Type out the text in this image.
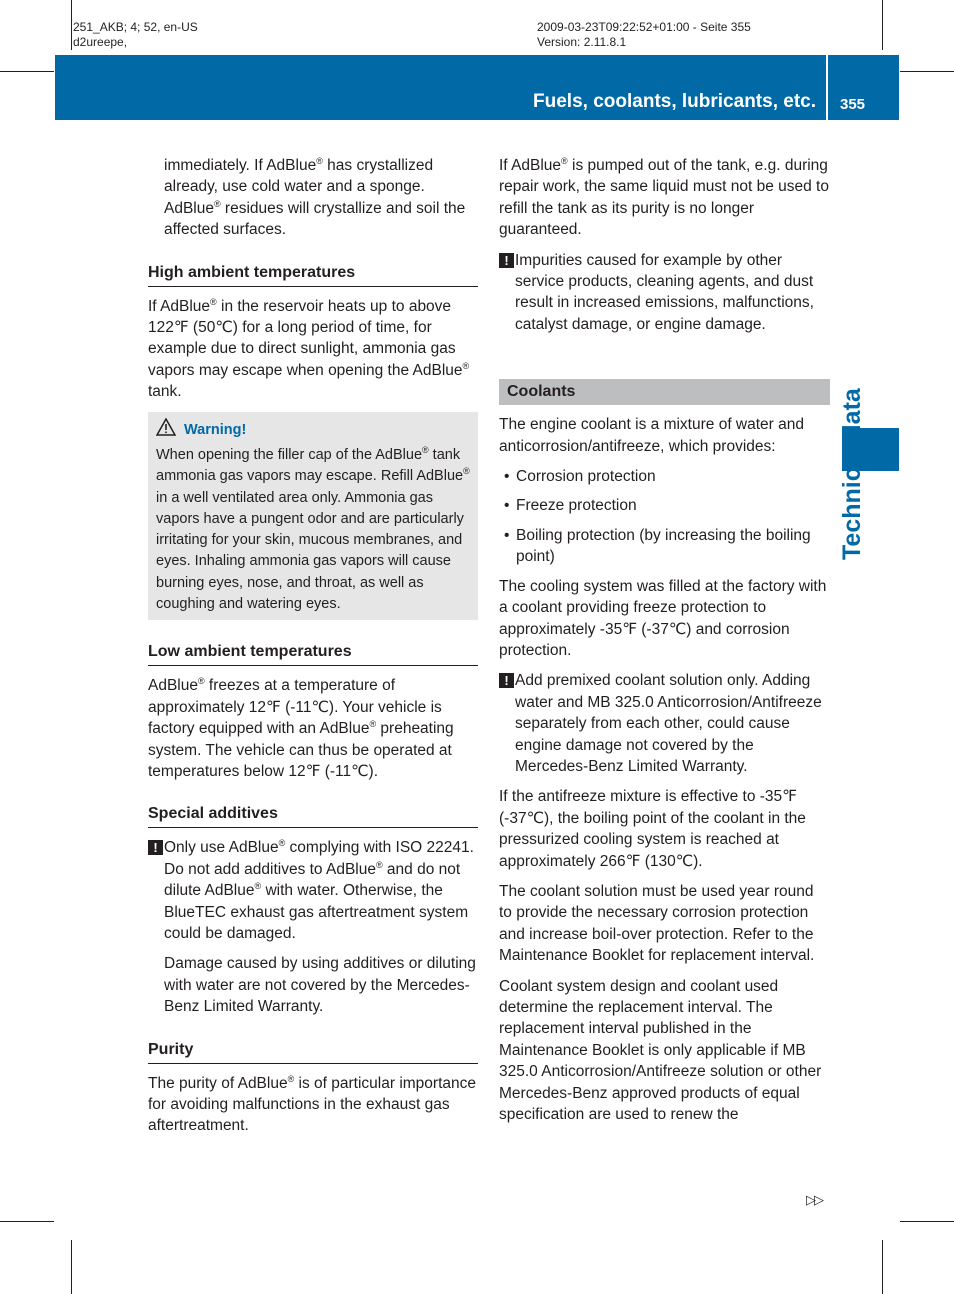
251_AKB; 4; 52, en-US
d2ureepe,
2009-03-23T09:22:52+01:00 - Seite 355
Version: 2.11.8.1
Fuels, coolants, lubricants, etc. 355
Technical data

immediately. If AdBlue® has crystallized already, use cold water and a sponge. AdBlue® residues will crystallize and soil the affected surfaces.

High ambient temperatures

If AdBlue® in the reservoir heats up to above 122℉ (50℃) for a long period of time, for example due to direct sunlight, ammonia gas vapors may escape when opening the AdBlue® tank.

Warning!
When opening the filler cap of the AdBlue® tank ammonia gas vapors may escape. Refill AdBlue® in a well ventilated area only. Ammonia gas vapors have a pungent odor and are particularly irritating for your skin, mucous membranes, and eyes. Inhaling ammonia gas vapors will cause burning eyes, nose, and throat, as well as coughing and watering eyes.
Low ambient temperatures

AdBlue® freezes at a temperature of approximately 12℉ (-11℃). Your vehicle is factory equipped with an AdBlue® preheating system. The vehicle can thus be operated at temperatures below 12℉ (-11℃).

Special additives
!
Only use AdBlue® complying with ISO 22241. Do not add additives to AdBlue® and do not dilute AdBlue® with water. Otherwise, the BlueTEC exhaust gas aftertreatment system could be damaged.

Damage caused by using additives or diluting with water are not covered by the Mercedes-Benz Limited Warranty.

Purity

The purity of AdBlue® is of particular importance for avoiding malfunctions in the exhaust gas aftertreatment.

If AdBlue® is pumped out of the tank, e.g. during repair work, the same liquid must not be used to refill the tank as its purity is no longer guaranteed.

!
Impurities caused for example by other service products, cleaning agents, and dust result in increased emissions, malfunctions, catalyst damage, or engine damage.
Coolants

The engine coolant is a mixture of water and anticorrosion/antifreeze, which provides:

• Corrosion protection
• Freeze protection
• Boiling protection (by increasing the boiling point)

The cooling system was filled at the factory with a coolant providing freeze protection to approximately -35℉ (-37℃) and corrosion protection.

!
Add premixed coolant solution only. Adding water and MB 325.0 Anticorrosion/Antifreeze separately from each other, could cause engine damage not covered by the Mercedes-Benz Limited Warranty.

If the antifreeze mixture is effective to -35℉ (-37℃), the boiling point of the coolant in the pressurized cooling system is reached at approximately 266℉ (130℃).

The coolant solution must be used year round to provide the necessary corrosion protection and increase boil-over protection. Refer to the Maintenance Booklet for replacement interval.

Coolant system design and coolant used determine the replacement interval. The replacement interval published in the Maintenance Booklet is only applicable if MB 325.0 Anticorrosion/Antifreeze solution or other Mercedes-Benz approved products of equal specification are used to renew the

▷▷
